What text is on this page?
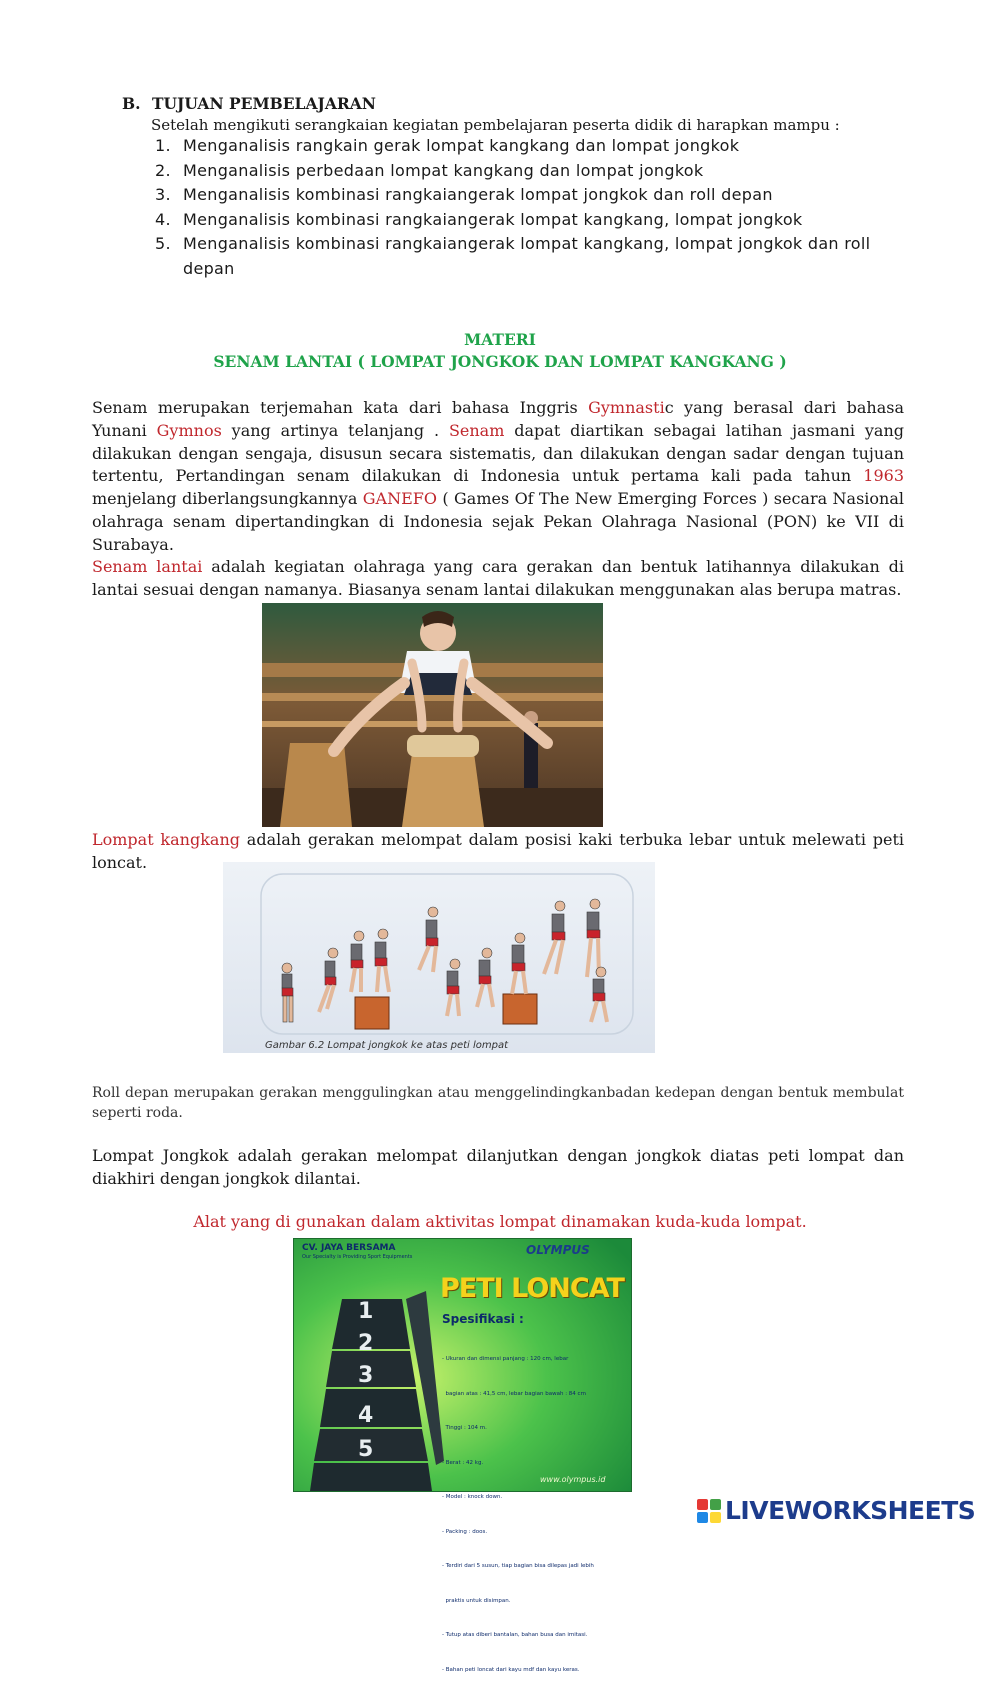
B. TUJUAN PEMBELAJARAN
Setelah mengikuti serangkaian kegiatan pembelajaran peserta didik di harapkan mampu :
1. Menganalisis rangkain gerak lompat kangkang dan lompat jongkok
2. Menganalisis perbedaan lompat kangkang dan lompat jongkok
3. Menganalisis kombinasi rangkaiangerak lompat jongkok dan roll depan
4. Menganalisis kombinasi rangkaiangerak lompat kangkang, lompat jongkok
5. Menganalisis kombinasi rangkaiangerak lompat kangkang, lompat jongkok dan roll depan
MATERI
SENAM LANTAI ( LOMPAT JONGKOK DAN LOMPAT KANGKANG )
Senam merupakan terjemahan kata dari bahasa Inggris Gymnastic yang berasal dari bahasa Yunani Gymnos yang artinya telanjang . Senam dapat diartikan sebagai latihan jasmani yang dilakukan dengan sengaja, disusun secara sistematis, dan dilakukan dengan sadar dengan tujuan tertentu, Pertandingan senam dilakukan di Indonesia untuk pertama kali pada tahun 1963 menjelang diberlangsungkannya GANEFO ( Games Of The New Emerging Forces ) secara Nasional olahraga senam dipertandingkan di Indonesia sejak Pekan Olahraga Nasional (PON) ke VII di Surabaya.
Senam lantai adalah kegiatan olahraga yang cara gerakan dan bentuk latihannya dilakukan di lantai sesuai dengan namanya. Biasanya senam lantai dilakukan menggunakan alas berupa matras.
Lompat kangkang adalah gerakan melompat dalam posisi kaki terbuka lebar untuk melewati peti loncat.
Gambar 6.2 Lompat jongkok ke atas peti lompat
Roll depan merupakan gerakan menggulingkan atau menggelindingkanbadan kedepan dengan bentuk membulat seperti roda.
Lompat Jongkok adalah gerakan melompat dilanjutkan dengan jongkok diatas peti lompat dan diakhiri dengan jongkok dilantai.
Alat yang di gunakan dalam aktivitas lompat dinamakan kuda-kuda lompat.
CV. JAYA BERSAMA
Our Specialty is Providing Sport Equipments	OLYMPUS
PETI LONCAT
Spesifikasi :

- Ukuran dan dimensi panjang : 120 cm, lebar

bagian atas : 41,5 cm, lebar bagian bawah : 84 cm

Tinggi : 104 m.

- Berat : 42 kg.

- Model : knock down.

- Packing : doos.

- Terdiri dari 5 susun, tiap bagian bisa dilepas jadi lebih

praktis untuk disimpan.

- Tutup atas diberi bantalan, bahan busa dan imitasi.

- Bahan peti loncat dari kayu mdf dan kayu keras.

1
2
3
4
5
www.olympus.id
LIVEWORKSHEETS
